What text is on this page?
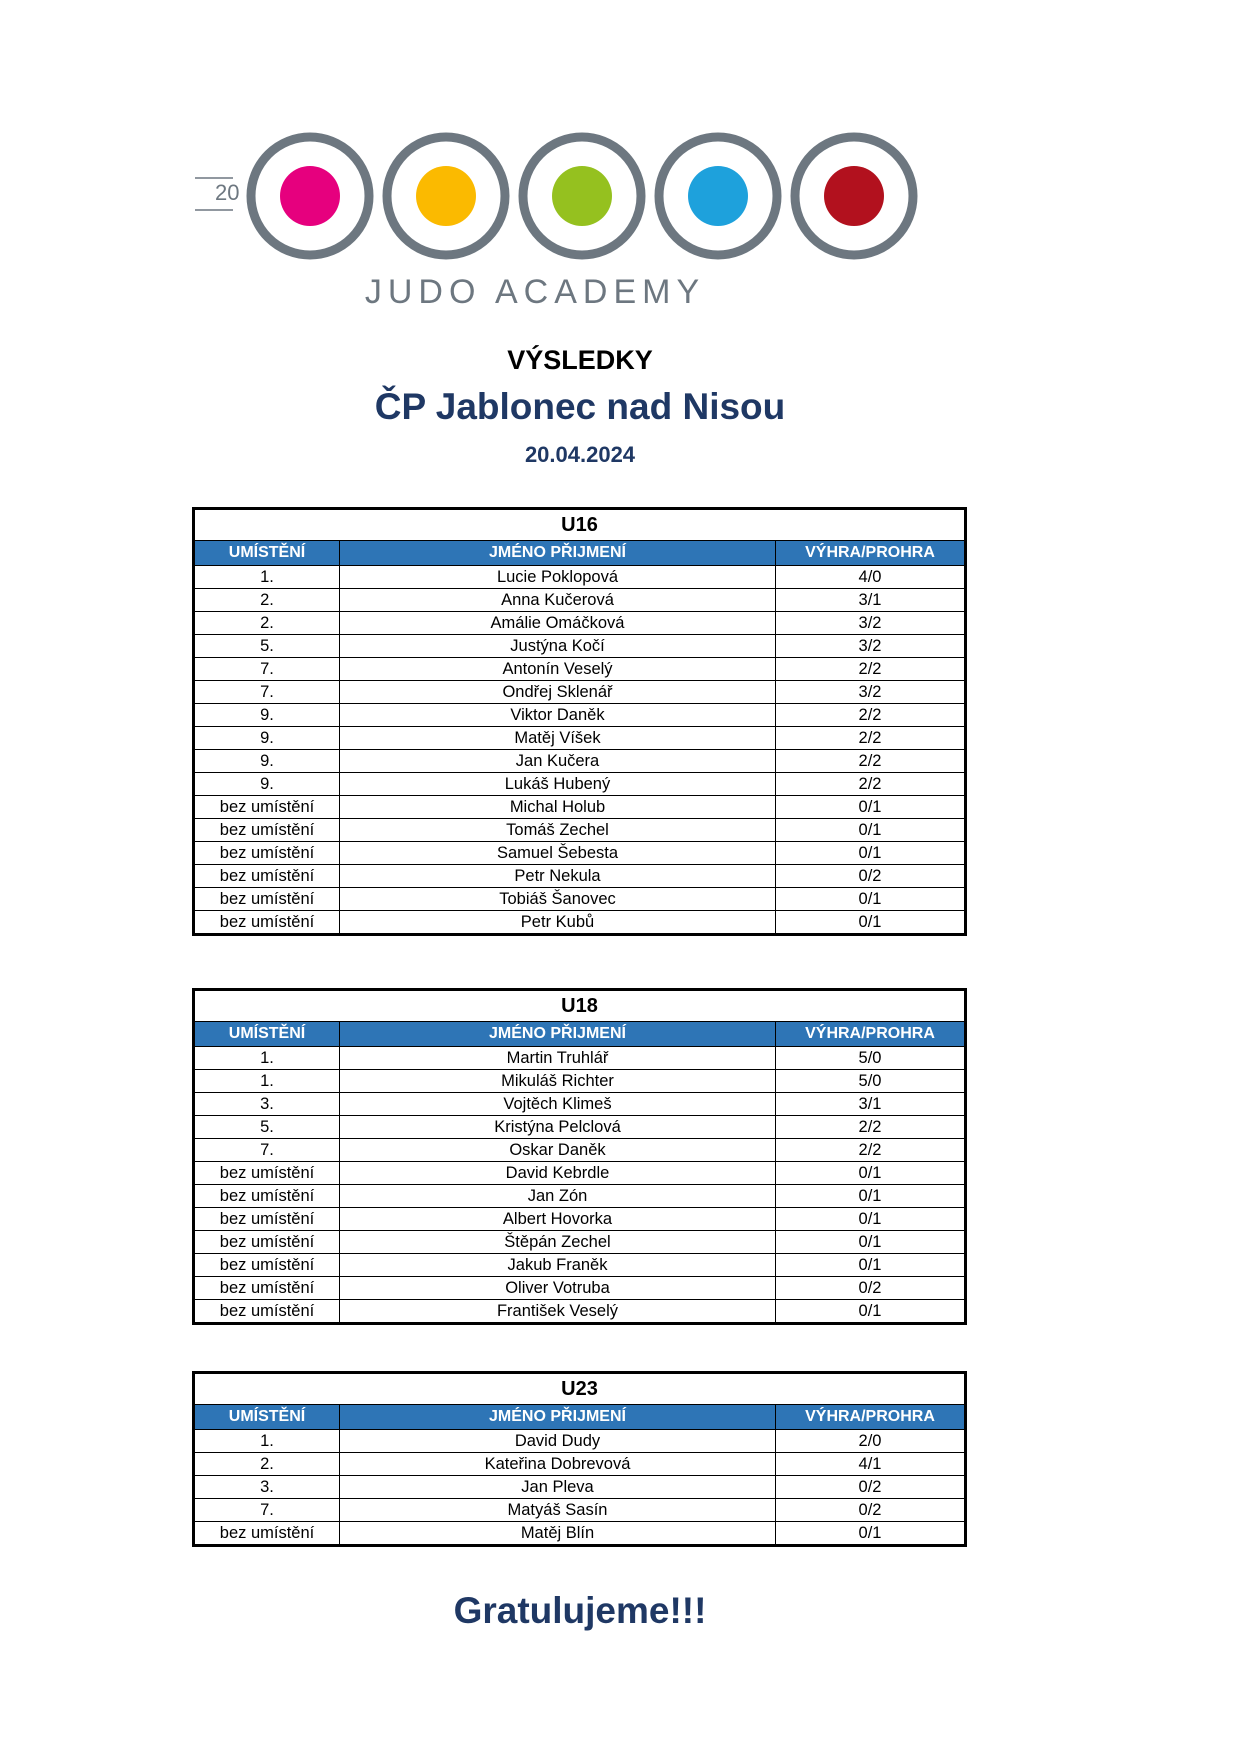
20
JUDO ACADEMY
VÝSLEDKY
ČP Jablonec nad Nisou
20.04.2024
U16		
UMÍSTĚNÍ	JMÉNO PŘIJMENÍ	VÝHRA/PROHRA
1.	Lucie Poklopová	4/0
2.	Anna Kučerová	3/1
2.	Amálie Omáčková	3/2
5.	Justýna Kočí	3/2
7.	Antonín Veselý	2/2
7.	Ondřej Sklenář	3/2
9.	Viktor Daněk	2/2
9.	Matěj Víšek	2/2
9.	Jan Kučera	2/2
9.	Lukáš Hubený	2/2
bez umístění	Michal Holub	0/1
bez umístění	Tomáš Zechel	0/1
bez umístění	Samuel Šebesta	0/1
bez umístění	Petr Nekula	0/2
bez umístění	Tobiáš Šanovec	0/1
bez umístění	Petr Kubů	0/1
U18		
UMÍSTĚNÍ	JMÉNO PŘIJMENÍ	VÝHRA/PROHRA
1.	Martin Truhlář	5/0
1.	Mikuláš Richter	5/0
3.	Vojtěch Klimeš	3/1
5.	Kristýna Pelclová	2/2
7.	Oskar Daněk	2/2
bez umístění	David Kebrdle	0/1
bez umístění	Jan Zón	0/1
bez umístění	Albert Hovorka	0/1
bez umístění	Štěpán Zechel	0/1
bez umístění	Jakub Franěk	0/1
bez umístění	Oliver Votruba	0/2
bez umístění	František Veselý	0/1
U23		
UMÍSTĚNÍ	JMÉNO PŘIJMENÍ	VÝHRA/PROHRA
1.	David Dudy	2/0
2.	Kateřina Dobrevová	4/1
3.	Jan Pleva	0/2
7.	Matyáš Sasín	0/2
bez umístění	Matěj Blín	0/1
Gratulujeme!!!
